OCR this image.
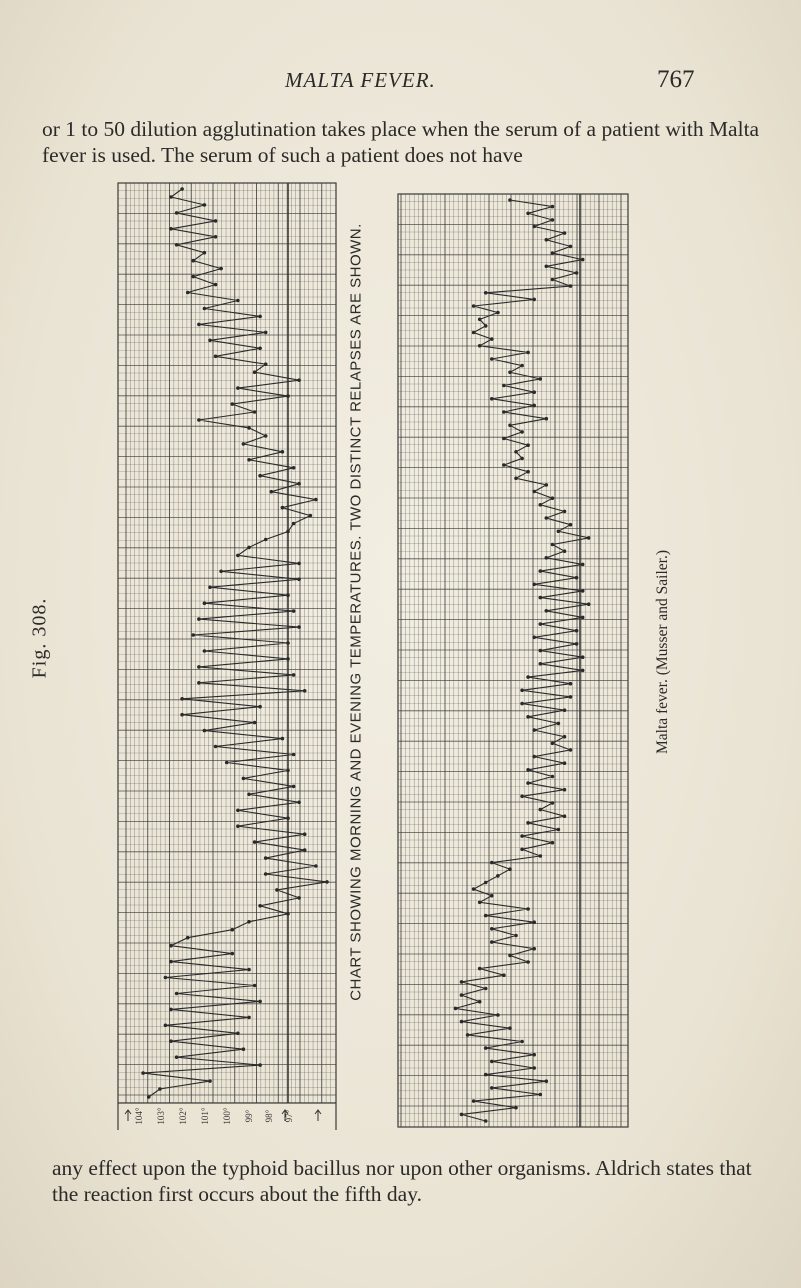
MALTA FEVER.	767

or 1 to 50 dilution agglutination takes place when the serum of a patient with Malta fever is used. The serum of such a patient does not have

104° 103° 102° 101° 100° 99° 98° 97°
Fig. 308.	CHART SHOWING MORNING AND EVENING TEMPERATURES. TWO DISTINCT RELAPSES ARE SHOWN.	Malta fever. (Musser and Sailer.)

any effect upon the typhoid bacillus nor upon other organisms. Aldrich states that the reaction first occurs about the fifth day.
